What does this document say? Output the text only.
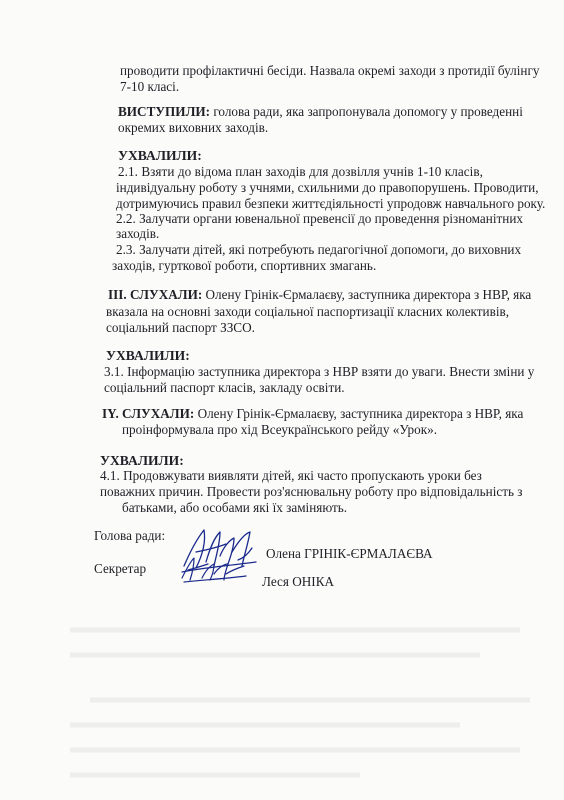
проводити профілактичні бесіди. Назвала окремі заходи з протидії булінгу
7-10 класі.
ВИСТУПИЛИ: голова ради, яка запропонувала допомогу у проведенні
окремих виховних заходів.
УХВАЛИЛИ:
2.1. Взяти до відома план заходів для дозвілля учнів 1-10 класів,
індивідуальну роботу з учнями, схильними до правопорушень. Проводити,
дотримуючись правил безпеки життєдіяльності упродовж навчального року.
2.2. Залучати органи ювенальної превенсії до проведення різноманітних
заходів.
2.3. Залучати дітей, які потребують педагогічної допомоги, до виховних
заходів, гурткової роботи, спортивних змагань.
ІІІ. СЛУХАЛИ: Олену Грінік-Єрмалаєву, заступника директора з НВР, яка
вказала на основні заходи соціальної паспортизації класних колективів,
соціальний паспорт ЗЗСО.
УХВАЛИЛИ:
3.1. Інформацію заступника директора з НВР взяти до уваги. Внести зміни у
соціальний паспорт класів, закладу освіти.
ІY. СЛУХАЛИ: Олену Грінік-Єрмалаєву, заступника директора з НВР, яка
проінформувала про хід Всеукраїнського рейду «Урок».
УХВАЛИЛИ:
4.1. Продовжувати виявляти дітей, які часто пропускають уроки без
поважних причин. Провести роз'яснювальну роботу про відповідальність з
батьками, або особами які їх заміняють.
Голова ради:
Олена ГРІНІК-ЄРМАЛАЄВА
Секретар
Леся ОНІКА
